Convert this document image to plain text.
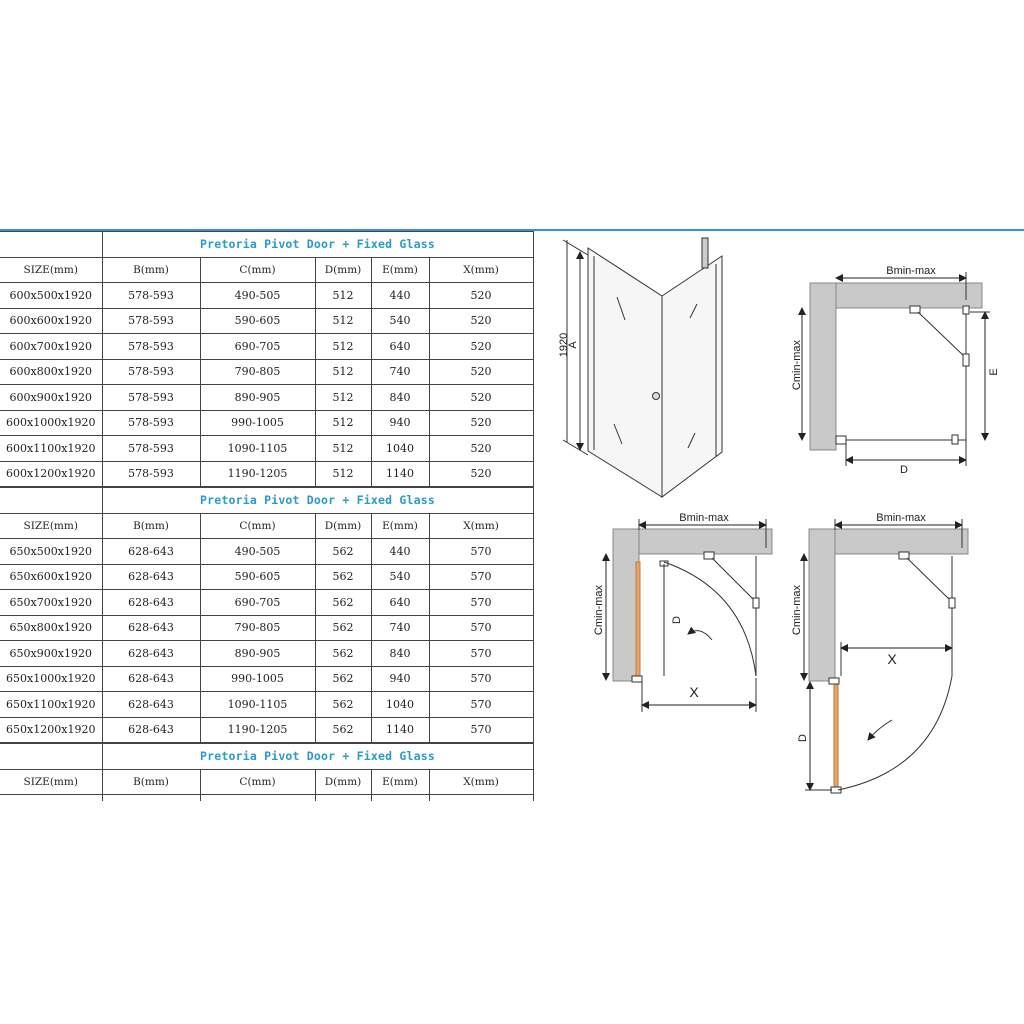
	Pretoria Pivot Door + Fixed Glass				
SIZE(mm)	B(mm)	C(mm)	D(mm)	E(mm)	X(mm)
600x500x1920	578-593	490-505	512	440	520
600x600x1920	578-593	590-605	512	540	520
600x700x1920	578-593	690-705	512	640	520
600x800x1920	578-593	790-805	512	740	520
600x900x1920	578-593	890-905	512	840	520
600x1000x1920	578-593	990-1005	512	940	520
600x1100x1920	578-593	1090-1105	512	1040	520
600x1200x1920	578-593	1190-1205	512	1140	520
	Pretoria Pivot Door + Fixed Glass				
SIZE(mm)	B(mm)	C(mm)	D(mm)	E(mm)	X(mm)
650x500x1920	628-643	490-505	562	440	570
650x600x1920	628-643	590-605	562	540	570
650x700x1920	628-643	690-705	562	640	570
650x800x1920	628-643	790-805	562	740	570
650x900x1920	628-643	890-905	562	840	570
650x1000x1920	628-643	990-1005	562	940	570
650x1100x1920	628-643	1090-1105	562	1040	570
650x1200x1920	628-643	1190-1205	562	1140	570
	Pretoria Pivot Door + Fixed Glass				
SIZE(mm)	B(mm)	C(mm)	D(mm)	E(mm)	X(mm)

1920
A
Bmin-max
Cmin-max	E
D
Bmin-max
Cmin-max	D
X
Bmin-max
Cmin-max
X
D
